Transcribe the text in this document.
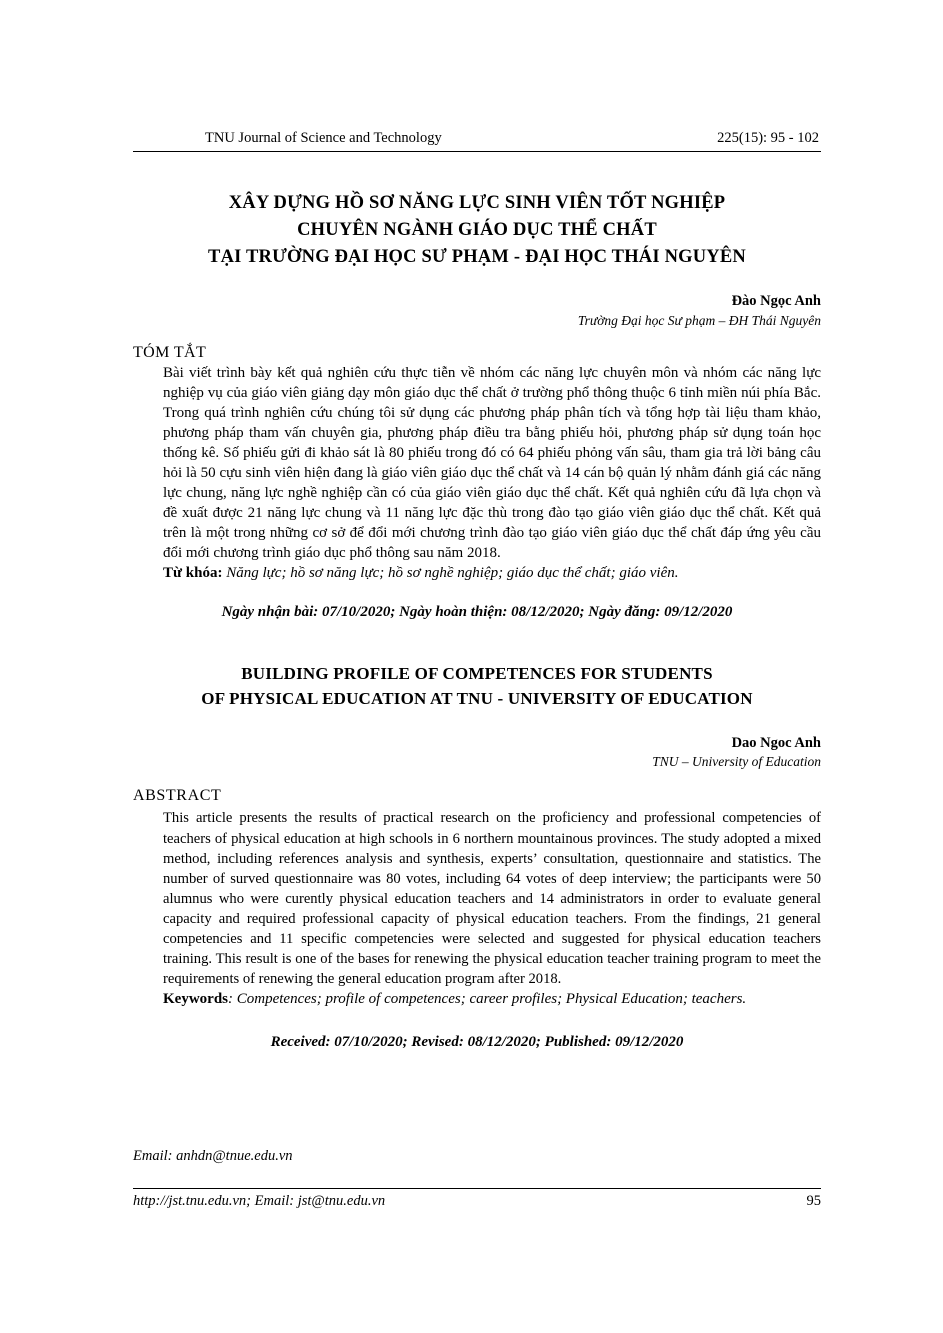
TNU Journal of Science and Technology	225(15): 95 - 102
XÂY DỰNG HỒ SƠ NĂNG LỰC SINH VIÊN TỐT NGHIỆP
CHUYÊN NGÀNH GIÁO DỤC THỂ CHẤT
TẠI TRƯỜNG ĐẠI HỌC SƯ PHẠM - ĐẠI HỌC THÁI NGUYÊN
Đào Ngọc Anh
Trường Đại học Sư phạm – ĐH Thái Nguyên
TÓM TẮT
Bài viết trình bày kết quả nghiên cứu thực tiễn về nhóm các năng lực chuyên môn và nhóm các năng lực nghiệp vụ của giáo viên giảng dạy môn giáo dục thể chất ở trường phổ thông thuộc 6 tỉnh miền núi phía Bắc. Trong quá trình nghiên cứu chúng tôi sử dụng các phương pháp phân tích và tổng hợp tài liệu tham khảo, phương pháp tham vấn chuyên gia, phương pháp điều tra bằng phiếu hỏi, phương pháp sử dụng toán học thống kê. Số phiếu gửi đi khảo sát là 80 phiếu trong đó có 64 phiếu phỏng vấn sâu, tham gia trả lời bảng câu hỏi là 50 cựu sinh viên hiện đang là giáo viên giáo dục thể chất và 14 cán bộ quản lý nhằm đánh giá các năng lực chung, năng lực nghề nghiệp cần có của giáo viên giáo dục thể chất. Kết quả nghiên cứu đã lựa chọn và đề xuất được 21 năng lực chung và 11 năng lực đặc thù trong đào tạo giáo viên giáo dục thể chất. Kết quả trên là một trong những cơ sở để đổi mới chương trình đào tạo giáo viên giáo dục thể chất đáp ứng yêu cầu đổi mới chương trình giáo dục phổ thông sau năm 2018.
Từ khóa: Năng lực; hồ sơ năng lực; hồ sơ nghề nghiệp; giáo dục thể chất; giáo viên.
Ngày nhận bài: 07/10/2020; Ngày hoàn thiện: 08/12/2020; Ngày đăng: 09/12/2020
BUILDING PROFILE OF COMPETENCES FOR STUDENTS
OF PHYSICAL EDUCATION AT TNU - UNIVERSITY OF EDUCATION
Dao Ngoc Anh
TNU – University of Education
ABSTRACT
This article presents the results of practical research on the proficiency and professional competencies of teachers of physical education at high schools in 6 northern mountainous provinces. The study adopted a mixed method, including references analysis and synthesis, experts’ consultation, questionnaire and statistics. The number of surved questionnaire was 80 votes, including 64 votes of deep interview; the participants were 50 alumnus who were curently physical education teachers and 14 administrators in order to evaluate general capacity and required professional capacity of physical education teachers. From the findings, 21 general competencies and 11 specific competencies were selected and suggested for physical education teachers training. This result is one of the bases for renewing the physical education teacher training program to meet the requirements of renewing the general education program after 2018.
Keywords: Competences; profile of competences; career profiles; Physical Education; teachers.
Received: 07/10/2020; Revised: 08/12/2020; Published: 09/12/2020
Email: anhdn@tnue.edu.vn
http://jst.tnu.edu.vn; Email: jst@tnu.edu.vn	95
